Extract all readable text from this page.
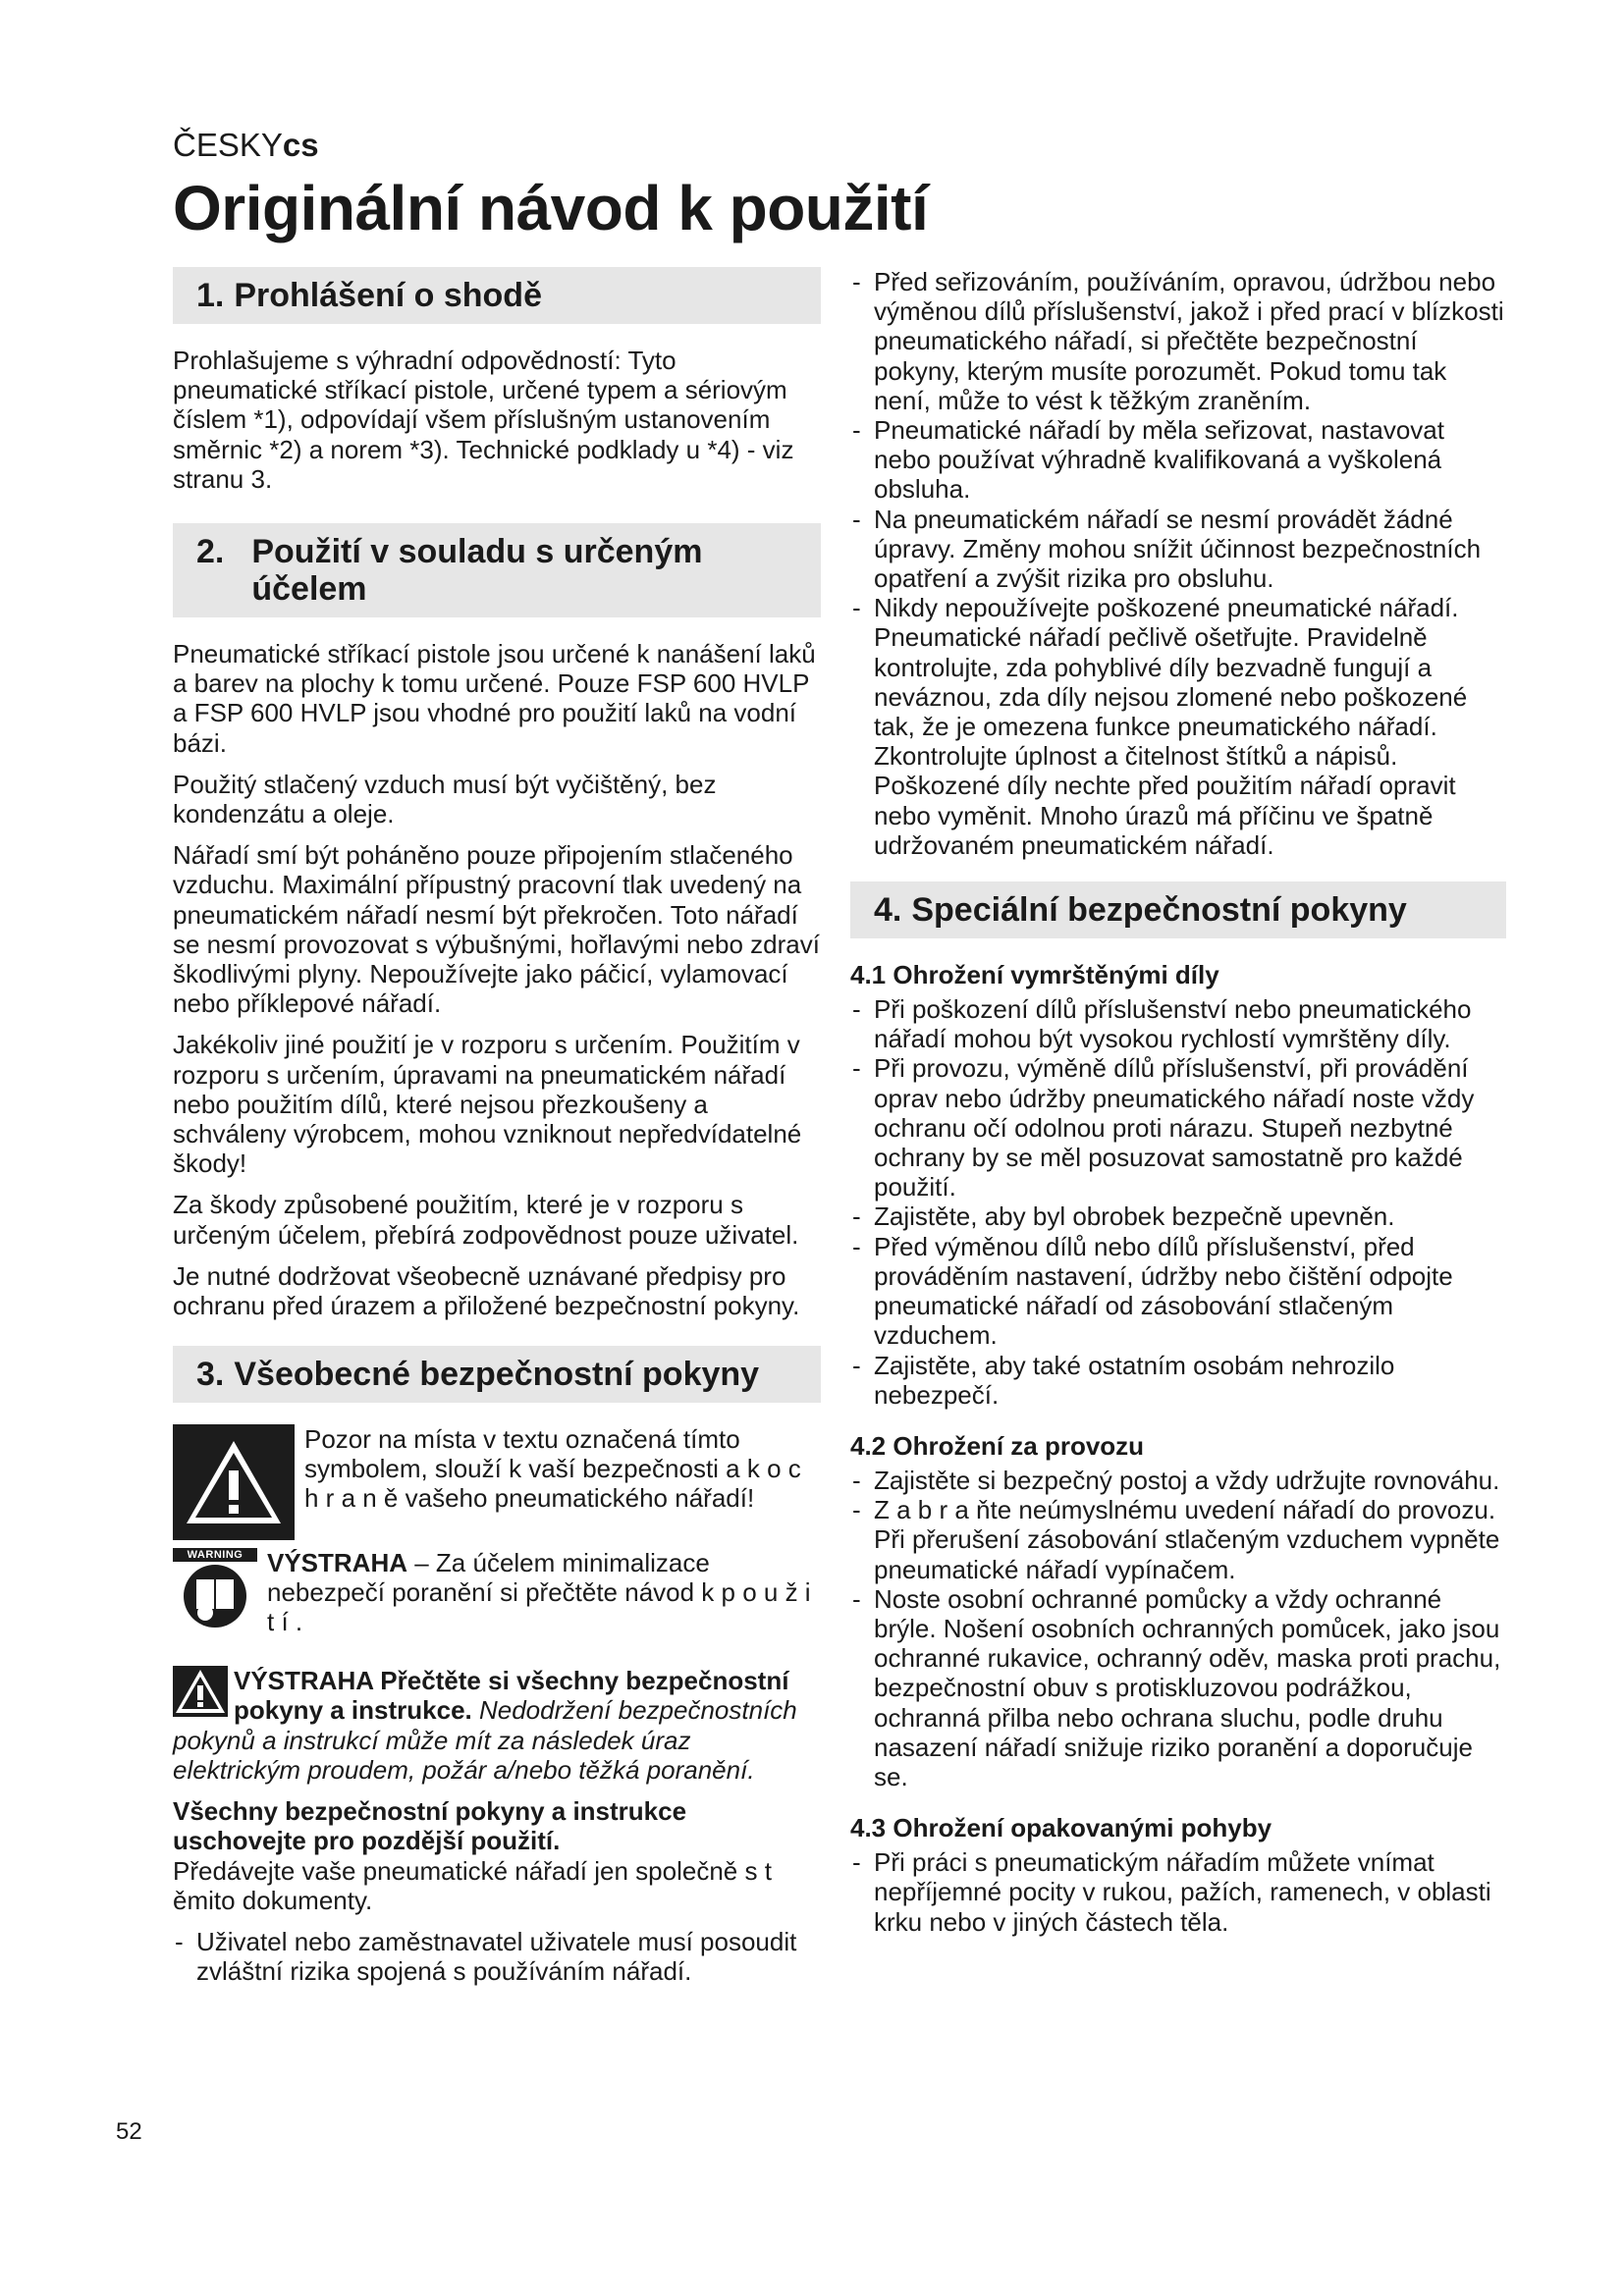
ČESKYcs
Originální návod k použití
1. Prohlášení o shodě

Prohlašujeme s výhradní odpovědností: Tyto pneumatické stříkací pistole, určené typem a sériovým číslem *1), odpovídají všem příslušným ustanovením směrnic *2) a norem *3). Technické podklady u *4) - viz stranu 3.

2. Použití v souladu s určeným účelem

Pneumatické stříkací pistole jsou určené k nanášení laků a barev na plochy k tomu určené. Pouze FSP 600 HVLP a FSP 600 HVLP jsou vhodné pro použití laků na vodní bázi.

Použitý stlačený vzduch musí být vyčištěný, bez kondenzátu a oleje.

Nářadí smí být poháněno pouze připojením stlačeného vzduchu. Maximální přípustný pracovní tlak uvedený na pneumatickém nářadí nesmí být překročen. Toto nářadí se nesmí provozovat s výbušnými, hořlavými nebo zdraví škodlivými plyny. Nepoužívejte jako páčicí, vylamovací nebo příklepové nářadí.

Jakékoliv jiné použití je v rozporu s určením. Použitím v rozporu s určením, úpravami na pneumatickém nářadí nebo použitím dílů, které nejsou přezkoušeny a schváleny výrobcem, mohou vzniknout nepředvídatelné škody!

Za škody způsobené použitím, které je v rozporu s určeným účelem, přebírá zodpovědnost pouze uživatel.

Je nutné dodržovat všeobecně uznávané předpisy pro ochranu před úrazem a přiložené bezpečnostní pokyny.

3. Všeobecné bezpečnostní pokyny
Pozor na místa v textu označená tímto symbolem, slouží k vaší bezpečnosti a k o c h r a n ě vašeho pneumatického nářadí!
WARNING VÝSTRAHA – Za účelem minimalizace nebezpečí poranění si přečtěte návod k p o u ž i t í .

VÝSTRAHA Přečtěte si všechny bezpečnostní pokyny a instrukce. Nedodržení bezpečnostních pokynů a instrukcí může mít za následek úraz elektrickým proudem, požár a/nebo těžká poranění.

Všechny bezpečnostní pokyny a instrukce uschovejte pro pozdější použití.

Předávejte vaše pneumatické nářadí jen společně s t ěmito dokumenty.

- Uživatel nebo zaměstnavatel uživatele musí posoudit zvláštní rizika spojená s používáním nářadí.
- Před seřizováním, používáním, opravou, údržbou nebo výměnou dílů příslušenství, jakož i před prací v blízkosti pneumatického nářadí, si přečtěte bezpečnostní pokyny, kterým musíte porozumět. Pokud tomu tak není, může to vést k těžkým zraněním.
- Pneumatické nářadí by měla seřizovat, nastavovat nebo používat výhradně kvalifikovaná a vyškolená obsluha.
- Na pneumatickém nářadí se nesmí provádět žádné úpravy. Změny mohou snížit účinnost bezpečnostních opatření a zvýšit rizika pro obsluhu.
- Nikdy nepoužívejte poškozené pneumatické nářadí. Pneumatické nářadí pečlivě ošetřujte. Pravidelně kontrolujte, zda pohyblivé díly bezvadně fungují a neváznou, zda díly nejsou zlomené nebo poškozené tak, že je omezena funkce pneumatického nářadí. Zkontrolujte úplnost a čitelnost štítků a nápisů. Poškozené díly nechte před použitím nářadí opravit nebo vyměnit. Mnoho úrazů má příčinu ve špatně udržovaném pneumatickém nářadí.
4. Speciální bezpečnostní pokyny
4.1 Ohrožení vymrštěnými díly
- Při poškození dílů příslušenství nebo pneumatického nářadí mohou být vysokou rychlostí vymrštěny díly.
- Při provozu, výměně dílů příslušenství, při provádění oprav nebo údržby pneumatického nářadí noste vždy ochranu očí odolnou proti nárazu. Stupeň nezbytné ochrany by se měl posuzovat samostatně pro každé použití.
- Zajistěte, aby byl obrobek bezpečně upevněn.
- Před výměnou dílů nebo dílů příslušenství, před prováděním nastavení, údržby nebo čištění odpojte pneumatické nářadí od zásobování stlačeným vzduchem.
- Zajistěte, aby také ostatním osobám nehrozilo nebezpečí.
4.2 Ohrožení za provozu
- Zajistěte si bezpečný postoj a vždy udržujte rovnováhu.
- Z a b r a ňte neúmyslnému uvedení nářadí do provozu. Při přerušení zásobování stlačeným vzduchem vypněte pneumatické nářadí vypínačem.
- Noste osobní ochranné pomůcky a vždy ochranné brýle. Nošení osobních ochranných pomůcek, jako jsou ochranné rukavice, ochranný oděv, maska proti prachu, bezpečnostní obuv s protiskluzovou podrážkou, ochranná přilba nebo ochrana sluchu, podle druhu nasazení nářadí snižuje riziko poranění a doporučuje se.
4.3 Ohrožení opakovanými pohyby
- Při práci s pneumatickým nářadím můžete vnímat nepříjemné pocity v rukou, pažích, ramenech, v oblasti krku nebo v jiných částech těla.
52
